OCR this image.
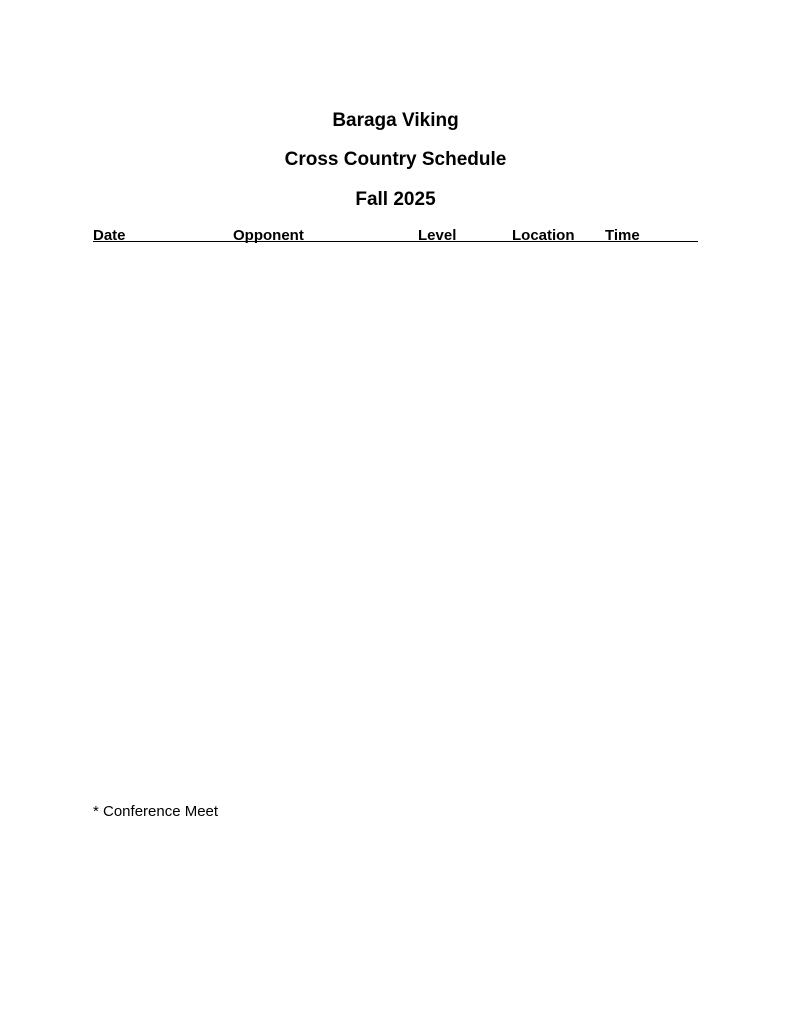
Baraga Viking
Cross Country Schedule
Fall 2025
Date	Opponent	Level	Location Time
* Conference Meet
